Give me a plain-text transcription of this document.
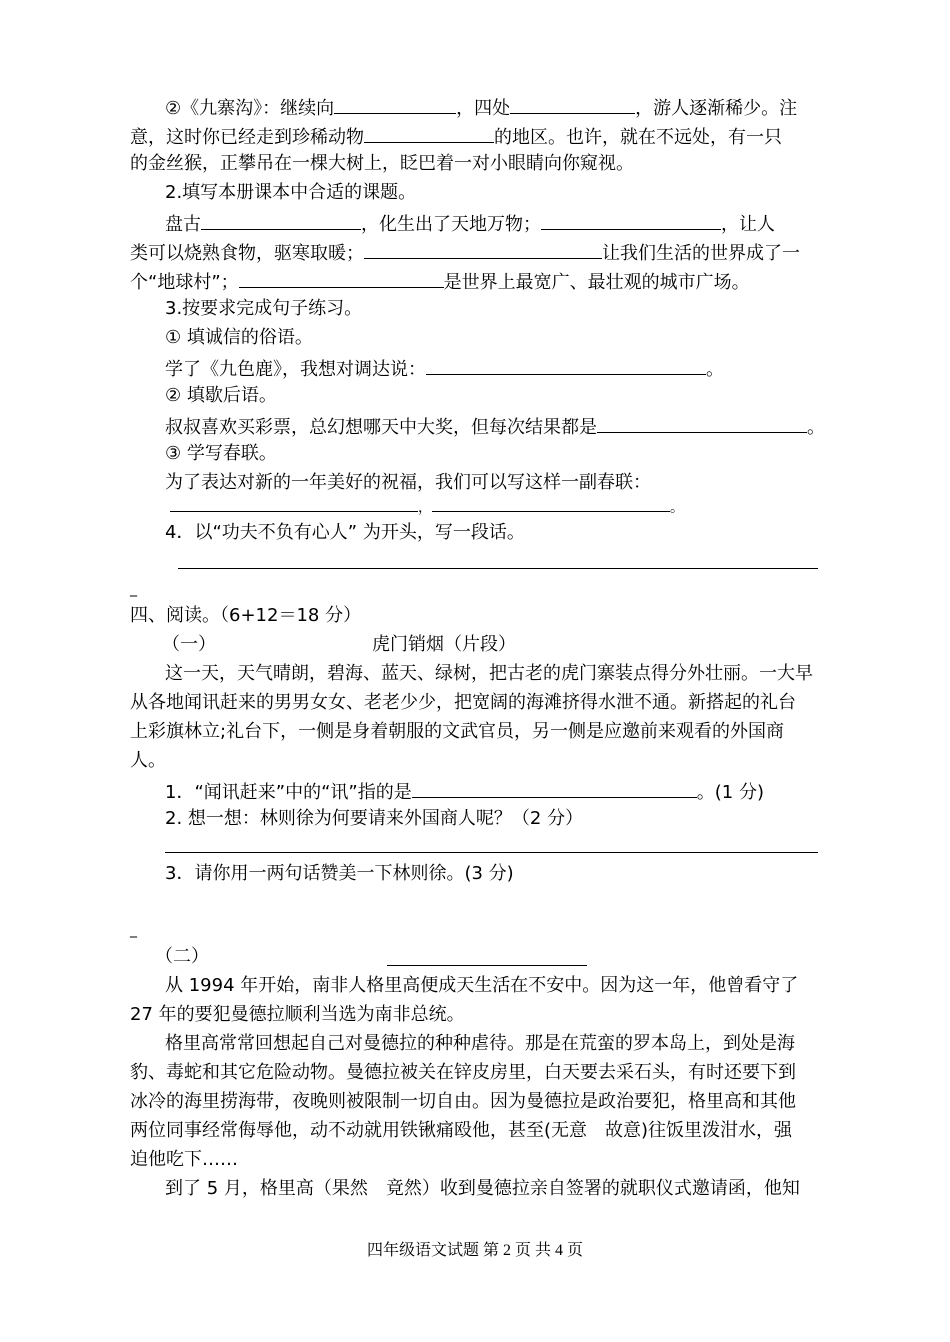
②《九寨沟》：继续向	，四处	，游人逐渐稀少。注
意，这时你已经走到珍稀动物	的地区。也许，就在不远处，有一只
的金丝猴，正攀吊在一棵大树上，眨巴着一对小眼睛向你窥视。
2.填写本册课本中合适的课题。
盘古	，化生出了天地万物；	，让人
类可以烧熟食物，驱寒取暖；	让我们生活的世界成了一
个“地球村”；	是世界上最宽广、最壮观的城市广场。
3.按要求完成句子练习。
① 填诚信的俗语。
学了《九色鹿》，我想对调达说：	。
② 填歇后语。
叔叔喜欢买彩票，总幻想哪天中大奖，但每次结果都是	。
③ 学写春联。
为了表达对新的一年美好的祝福，我们可以写这样一副春联：
，	。
4．以“功夫不负有心人” 为开头，写一段话。
_
四、阅读。（6+12＝18 分）
（一）	虎门销烟（片段）
这一天，天气晴朗，碧海、蓝天、绿树，把古老的虎门寨装点得分外壮丽。一大早
从各地闻讯赶来的男男女女、老老少少，把宽阔的海滩挤得水泄不通。新搭起的礼台
上彩旗林立;礼台下，一侧是身着朝服的文武官员，另一侧是应邀前来观看的外国商
人。
1．“闻讯赶来”中的“讯”指的是	。(1 分)
2. 想一想：林则徐为何要请来外国商人呢？（2 分）
3．请你用一两句话赞美一下林则徐。(3 分)
_
（二）
从 1994 年开始，南非人格里高便成天生活在不安中。因为这一年，他曾看守了
27 年的要犯曼德拉顺利当选为南非总统。
格里高常常回想起自己对曼德拉的种种虐待。那是在荒蛮的罗本岛上，到处是海
豹、毒蛇和其它危险动物。曼德拉被关在锌皮房里，白天要去采石头，有时还要下到
冰冷的海里捞海带，夜晚则被限制一切自由。因为曼德拉是政治要犯，格里高和其他
两位同事经常侮辱他，动不动就用铁锹痛殴他，甚至(无意　故意)往饭里泼泔水，强
迫他吃下……
到了 5 月，格里高（果然　竟然）收到曼德拉亲自签署的就职仪式邀请函，他知
四年级语文试题 第 2 页 共 4 页
